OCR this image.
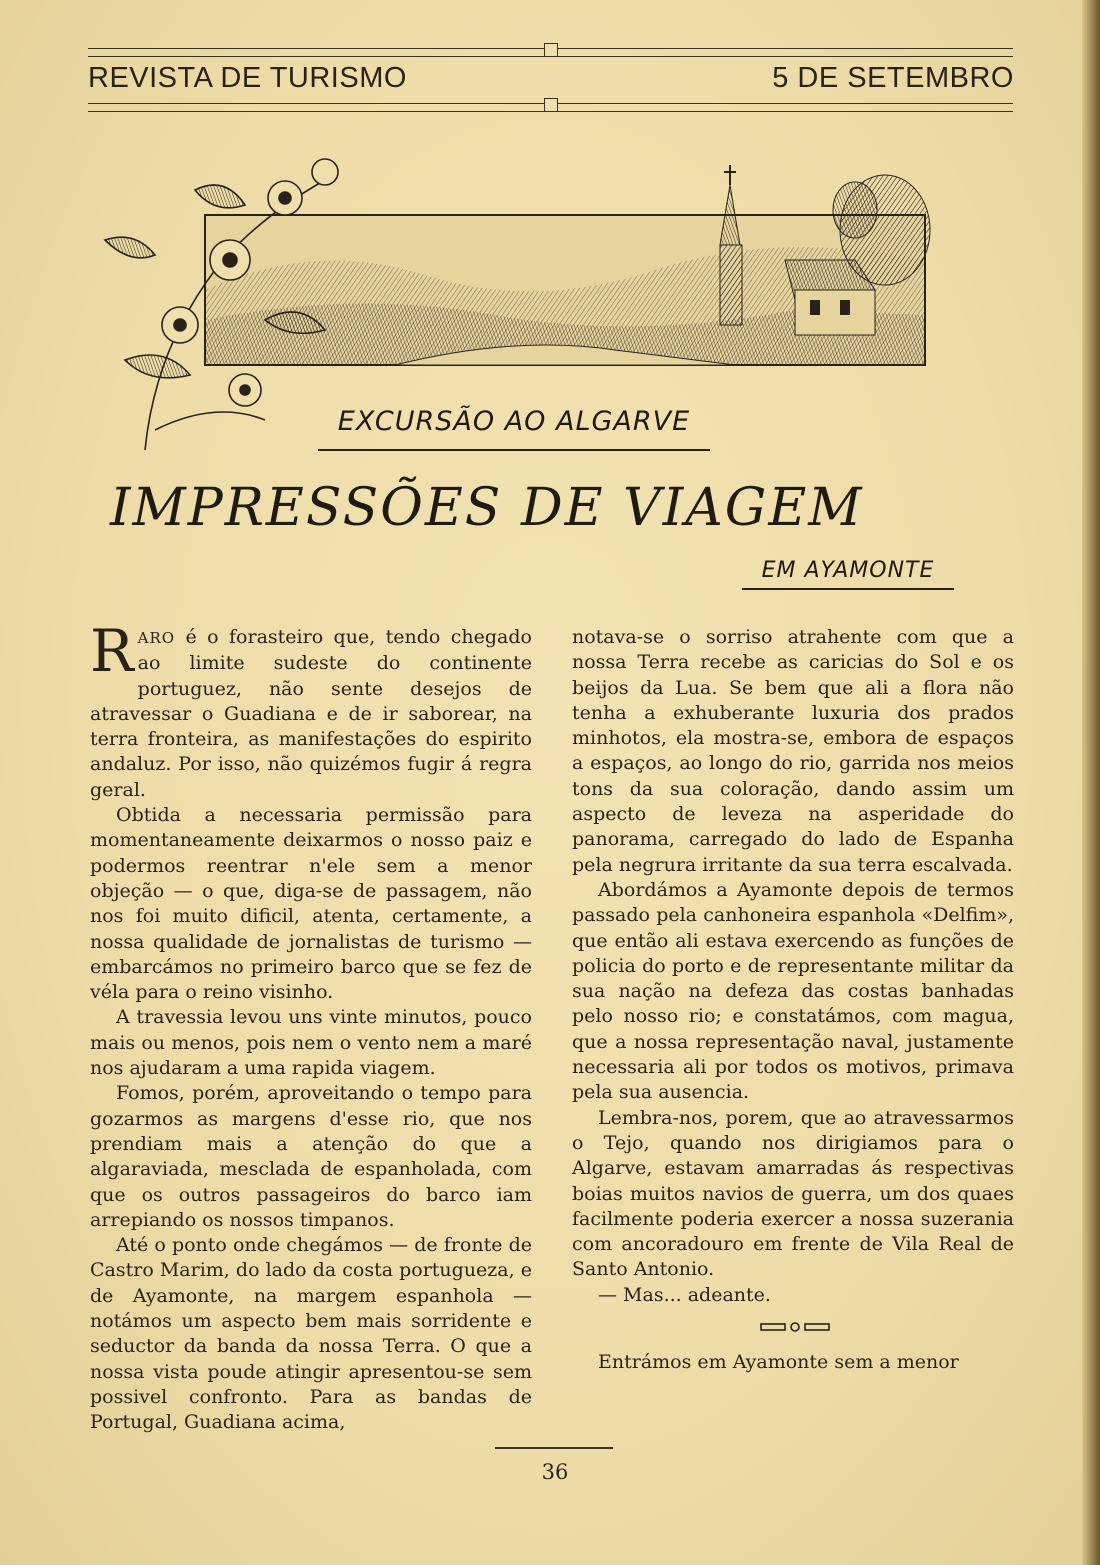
REVISTA DE TURISMO	5 DE SETEMBRO
EXCURSÃO AO ALGARVE
IMPRESSÕES DE VIAGEM
EM AYAMONTE

RARO é o forasteiro que, tendo chegado ao limite sudeste do continente portuguez, não sente desejos de atravessar o Guadiana e de ir saborear, na terra fronteira, as manifestações do espirito andaluz. Por isso, não quizémos fugir á regra geral.

Obtida a necessaria permissão para momentaneamente deixarmos o nosso paiz e podermos reentrar n'ele sem a menor objeção — o que, diga-se de passagem, não nos foi muito dificil, atenta, certamente, a nossa qualidade de jornalistas de turismo — embarcámos no primeiro barco que se fez de véla para o reino visinho.

A travessia levou uns vinte minutos, pouco mais ou menos, pois nem o vento nem a maré nos ajudaram a uma rapida viagem.

Fomos, porém, aproveitando o tempo para gozarmos as margens d'esse rio, que nos prendiam mais a atenção do que a algaraviada, mesclada de espanholada, com que os outros passageiros do barco iam arrepiando os nossos timpanos.

Até o ponto onde chegámos — de fronte de Castro Marim, do lado da costa portugueza, e de Ayamonte, na margem espanhola — notámos um aspecto bem mais sorridente e seductor da banda da nossa Terra. O que a nossa vista poude atingir apresentou-se sem possivel confronto. Para as bandas de Portugal, Guadiana acima,

notava-se o sorriso atrahente com que a nossa Terra recebe as caricias do Sol e os beijos da Lua. Se bem que ali a flora não tenha a exhuberante luxuria dos prados minhotos, ela mostra-se, embora de espaços a espaços, ao longo do rio, garrida nos meios tons da sua coloração, dando assim um aspecto de leveza na asperidade do panorama, carregado do lado de Espanha pela negrura irritante da sua terra escalvada.

Abordámos a Ayamonte depois de termos passado pela canhoneira espanhola «Delfim», que então ali estava exercendo as funções de policia do porto e de representante militar da sua nação na defeza das costas banhadas pelo nosso rio; e constatámos, com magua, que a nossa representação naval, justamente necessaria ali por todos os motivos, primava pela sua ausencia.

Lembra-nos, porem, que ao atravessarmos o Tejo, quando nos dirigiamos para o Algarve, estavam amarradas ás respectivas boias muitos navios de guerra, um dos quaes facilmente poderia exercer a nossa suzerania com ancoradouro em frente de Vila Real de Santo Antonio.

— Mas... adeante.

Entrámos em Ayamonte sem a menor

36
